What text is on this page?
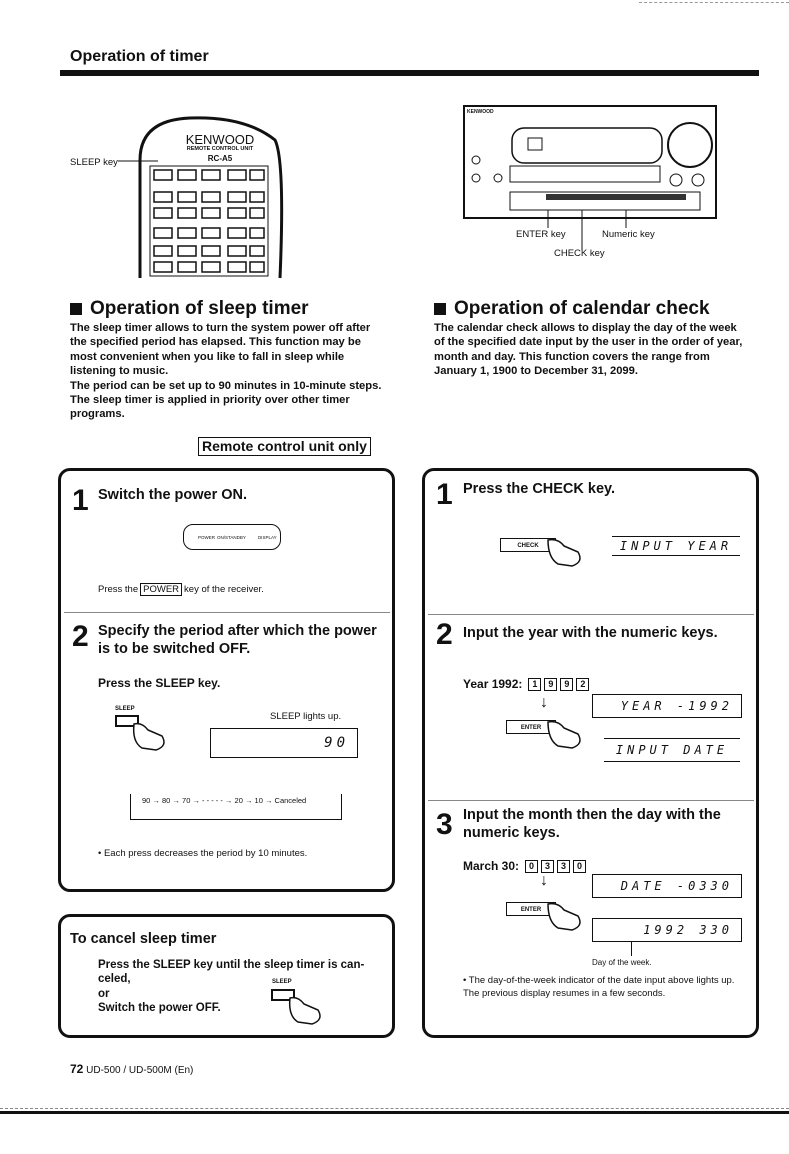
Operation of timer
SLEEP key
KENWOOD
REMOTE CONTROL UNIT
RC-A5
KENWOOD
ENTER key	Numeric key
CHECK key
Operation of sleep timer
The sleep timer allows to turn the system power off after the specified period has elapsed. This function may be most convenient when you like to fall in sleep while listening to music.
The period can be set up to 90 minutes in 10-minute steps.
The sleep timer is applied in priority over other timer programs.
Remote control unit only
Operation of calendar check
The calendar check allows to display the day of the week of the specified date input by the user in the order of year, month and day. This function covers the range from January 1, 1900 to December 31, 2099.
1 Switch the power ON.
POWER ON/STANDBY	DISPLAY
Press the POWER key of the receiver.
2 Specify the period after which the power is to be switched OFF.
Press the SLEEP key.
SLEEP
SLEEP lights up.
90
90 → 80 → 70 → - - - - - → 20 → 10 → Canceled
• Each press decreases the period by 10 minutes.
To cancel sleep timer
Press the SLEEP key until the sleep timer is can-
celed,
or
Switch the power OFF.
SLEEP
1 Press the CHECK key.
CHECK	INPUT YEAR
2 Input the year with the numeric keys.
Year 1992:	1 9 9 2
↓	YEAR -1992
ENTER
INPUT DATE
3 Input the month then the day with the numeric keys.
March 30:	0 3 3 0
↓	DATE -0330
ENTER
1992 330
Day of the week.
• The day-of-the-week indicator of the date input above lights up. The previous display resumes in a few seconds.
72 UD-500 / UD-500M (En)
